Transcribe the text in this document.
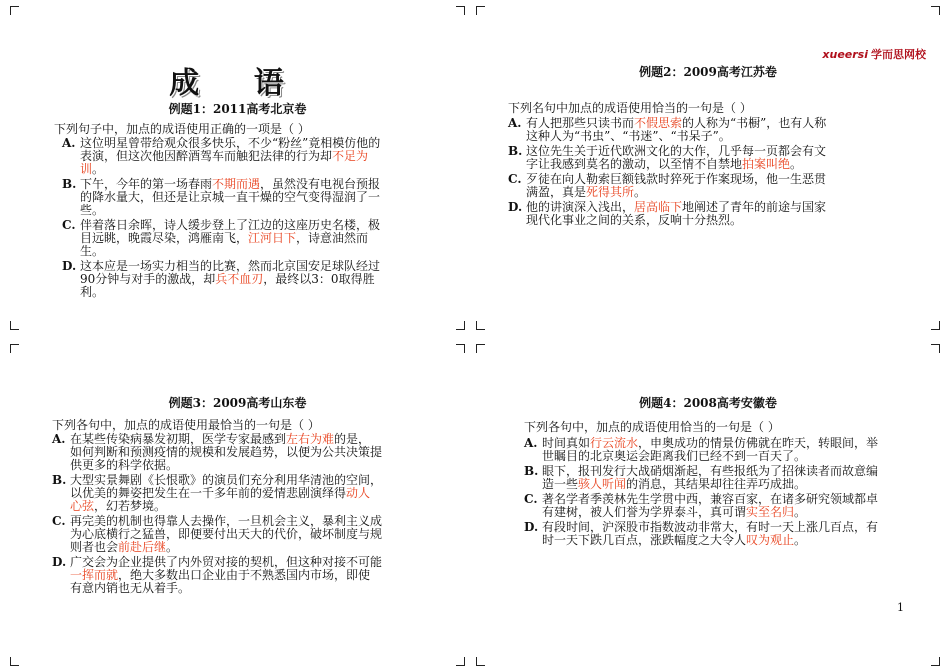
成 语
例题1：2011高考北京卷
下列句子中，加点的成语使用正确的一项是（ ）
A. 这位明星曾带给观众很多快乐，不少“粉丝”竟相模仿他的表演，但这次他因醉酒驾车而触犯法律的行为却不足为训。
B. 下午，今年的第一场春雨不期而遇，虽然没有电视台预报的降水量大，但还是让京城一直干燥的空气变得湿润了一些。
C. 伴着落日余晖，诗人缓步登上了江边的这座历史名楼，极目远眺，晚霞尽染，鸿雁南飞，江河日下，诗意油然而生。
D. 这本应是一场实力相当的比赛，然而北京国安足球队经过90分钟与对手的激战，却兵不血刃，最终以3：0取得胜利。
xueersi 学而思网校
例题2：2009高考江苏卷
下列名句中加点的成语使用恰当的一句是（ ）
A. 有人把那些只读书而不假思索的人称为“书橱”，也有人称这种人为“书虫”、“书迷”、“书呆子”。
B. 这位先生关于近代欧洲文化的大作，几乎每一页都会有文字让我感到莫名的激动，以至情不自禁地拍案叫绝。
C. 歹徒在向人勒索巨额钱款时猝死于作案现场，他一生恶贯满盈，真是死得其所。
D. 他的讲演深入浅出，居高临下地阐述了青年的前途与国家现代化事业之间的关系，反响十分热烈。
例题3：2009高考山东卷
下列各句中，加点的成语使用最恰当的一句是（ ）
A. 在某些传染病暴发初期，医学专家最感到左右为难的是，如何判断和预测疫情的规模和发展趋势，以便为公共决策提供更多的科学依据。
B. 大型实景舞剧《长恨歌》的演员们充分利用华清池的空间，以优美的舞姿把发生在一千多年前的爱情悲剧演绎得动人心弦，幻若梦境。
C. 再完美的机制也得靠人去操作，一旦机会主义，暴利主义成为心底横行之猛兽，即便要付出天大的代价，破坏制度与规则者也会前赴后继。
D. 广交会为企业提供了内外贸对接的契机，但这种对接不可能一挥而就，绝大多数出口企业由于不熟悉国内市场，即使有意内销也无从着手。
例题4：2008高考安徽卷
下列各句中，加点的成语使用恰当的一句是（ ）
A. 时间真如行云流水，申奥成功的情景仿佛就在昨天，转眼间，举世瞩目的北京奥运会距离我们已经不到一百天了。
B. 眼下，报刊发行大战硝烟渐起，有些报纸为了招徕读者而故意编造一些骇人听闻的消息，其结果却往往弄巧成拙。
C. 著名学者季羡林先生学贯中西，兼容百家，在诸多研究领域都卓有建树，被人们誉为学界泰斗，真可谓实至名归。
D. 有段时间，沪深股市指数波动非常大，有时一天上涨几百点，有时一天下跌几百点，涨跌幅度之大令人叹为观止。
1
